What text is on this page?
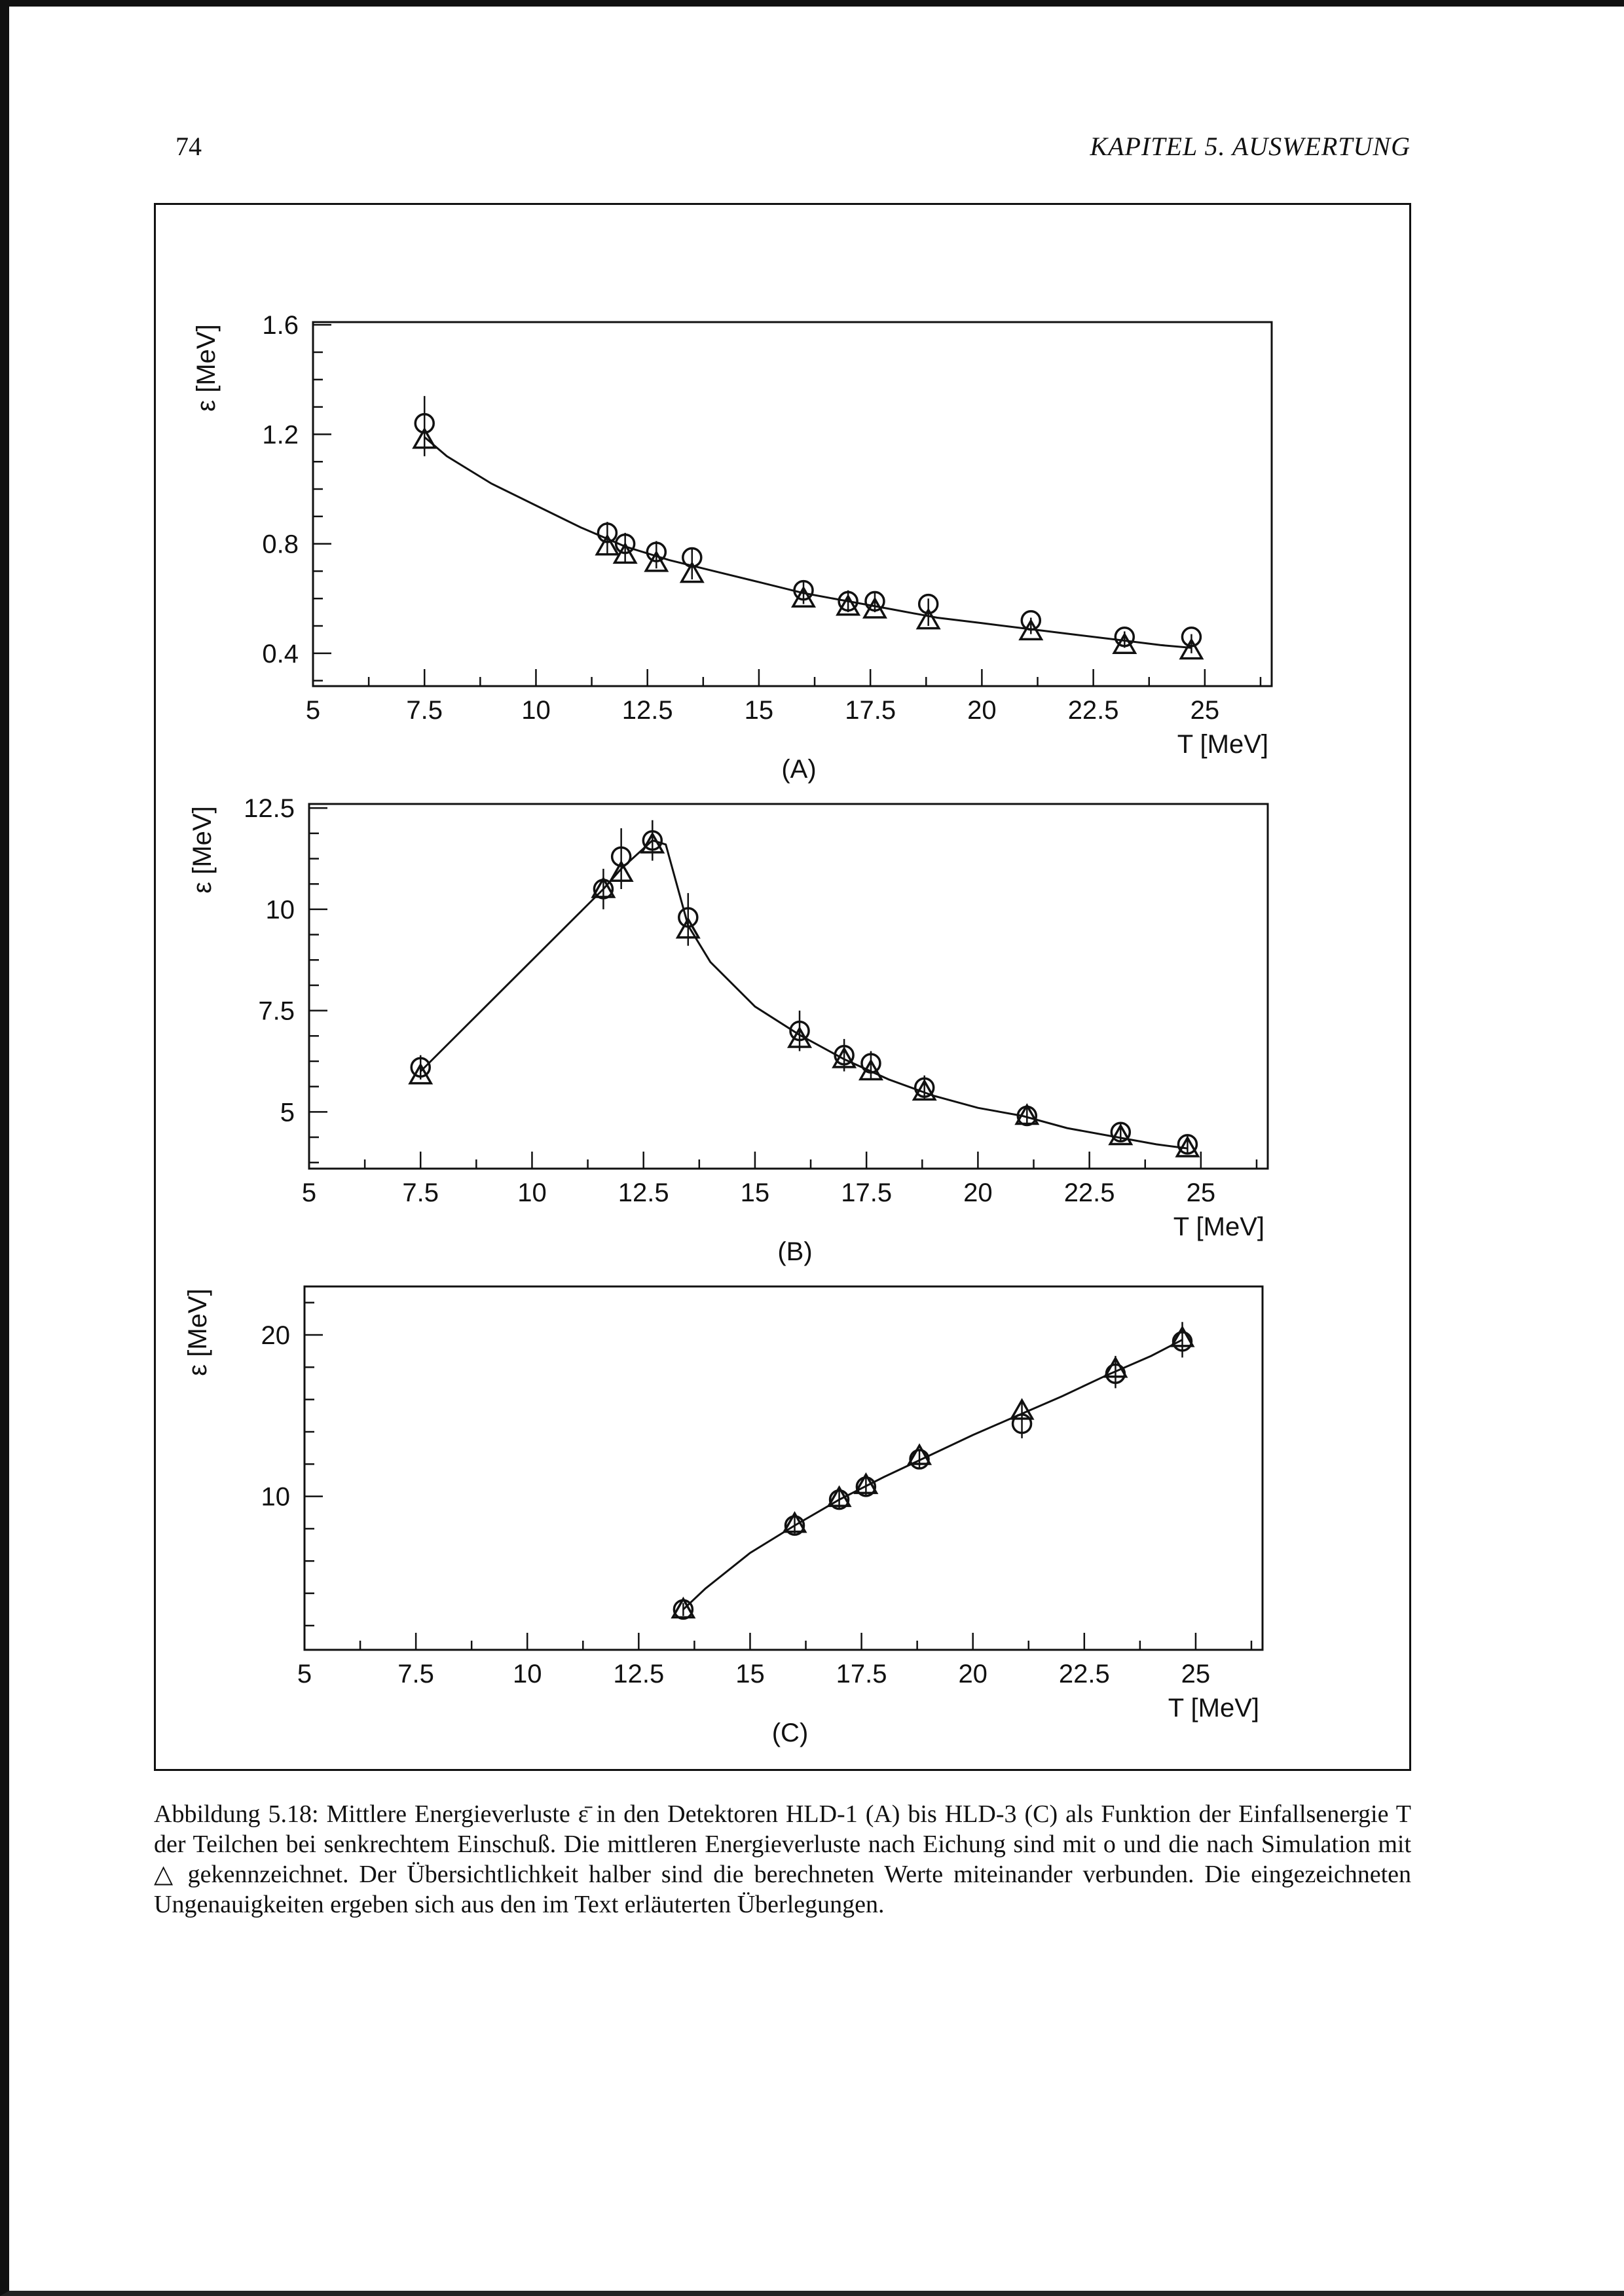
74	KAPITEL 5. AUSWERTUNG
5	7.5	10	12.5	15	17.5	20	22.5	25
0.4
0.8
1.2
1.6
T [MeV]
ε [MeV]
(A)
5	7.5	10	12.5	15	17.5	20	22.5	25
5
7.5
10
12.5
T [MeV]
ε [MeV]
(B)
5	7.5	10	12.5	15	17.5	20	22.5	25
10
20
T [MeV]
ε [MeV]
(C)
Abbildung 5.18: Mittlere Energieverluste ε̄ in den Detektoren HLD-1 (A) bis HLD-3 (C) als Funktion der Einfallsenergie T der Teilchen bei senkrechtem Einschuß. Die mittleren Energieverluste nach Eichung sind mit o und die nach Simulation mit △ gekennzeichnet. Der Übersichtlichkeit halber sind die berechneten Werte miteinander verbunden. Die eingezeichneten Ungenauigkeiten ergeben sich aus den im Text erläuterten Überlegungen.
